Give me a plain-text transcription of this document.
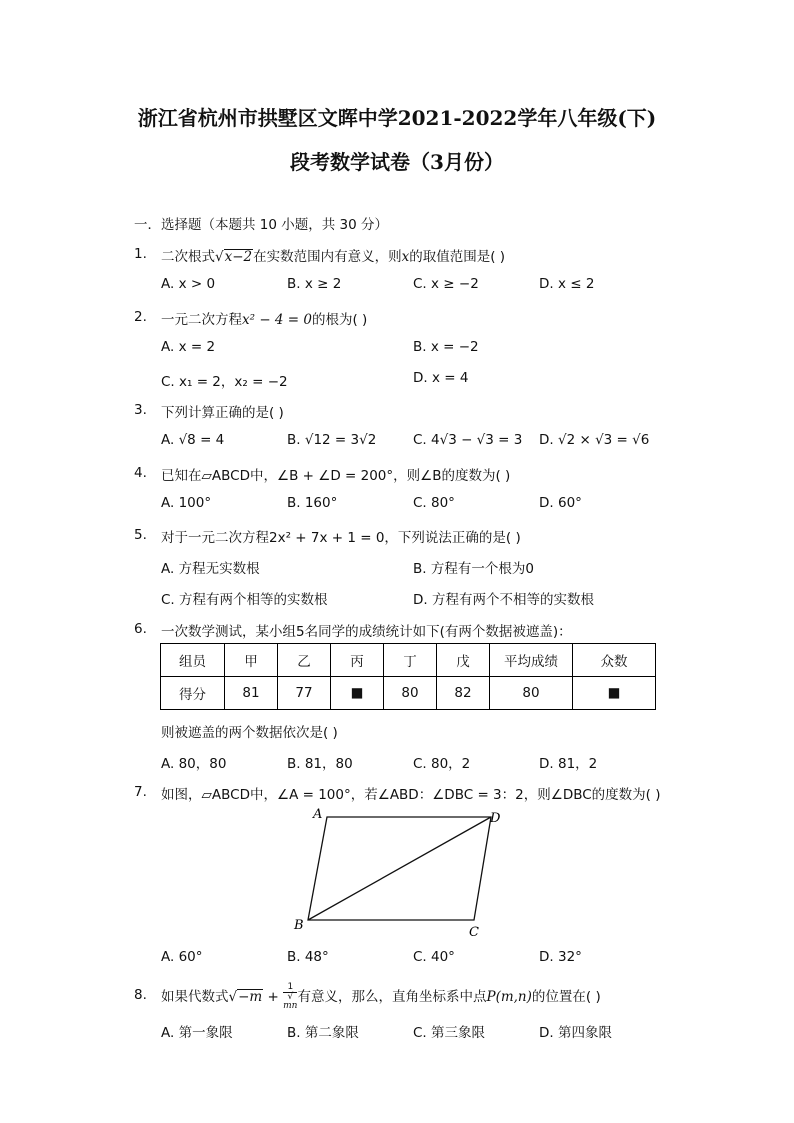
浙江省杭州市拱墅区文晖中学2021-2022学年八年级(下)
段考数学试卷（3月份）
一．选择题（本题共 10 小题，共 30 分）
1. 二次根式√x−2在实数范围内有意义，则x的取值范围是( )
A. x > 0	B. x ≥ 2	C. x ≥ −2	D. x ≤ 2
2. 一元二次方程x² − 4 = 0的根为( )
A. x = 2	B. x = −2
C. x₁ = 2，x₂ = −2	D. x = 4
3. 下列计算正确的是( )
A. √8 = 4	B. √12 = 3√2	C. 4√3 − √3 = 3 D. √2 × √3 = √6
4. 已知在▱ABCD中，∠B + ∠D = 200°，则∠B的度数为( )
A. 100°	B. 160°	C. 80°	D. 60°
5. 对于一元二次方程2x² + 7x + 1 = 0，下列说法正确的是( )
A. 方程无实数根	B. 方程有一个根为0
C. 方程有两个相等的实数根	D. 方程有两个不相等的实数根
6. 一次数学测试，某小组5名同学的成绩统计如下(有两个数据被遮盖)：
组员	甲	乙	丙	丁	戊	平均成绩	众数
得分	81	77	■	80	82	80	■
则被遮盖的两个数据依次是( )
A. 80，80	B. 81，80	C. 80，2	D. 81，2
7. 如图，▱ABCD中，∠A = 100°，若∠ABD：∠DBC = 3：2，则∠DBC的度数为( )
A	D
B	C
A. 60°	B. 48°	C. 40°	D. 32°
8. 如果代数式√−m + 1
√
mn 有意义，那么，直角坐标系中点P(m,n)的位置在( )
A. 第一象限	B. 第二象限	C. 第三象限	D. 第四象限
